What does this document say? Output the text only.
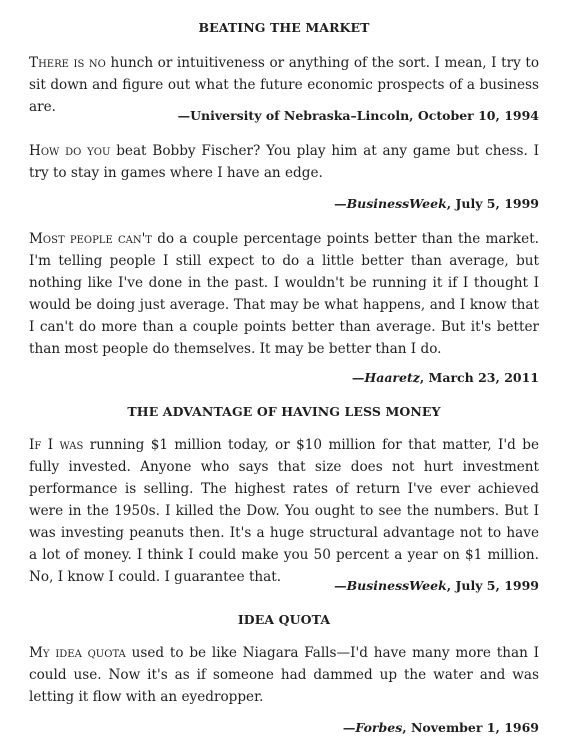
BEATING THE MARKET

There is no hunch or intuitiveness or anything of the sort. I mean, I try to sit down and figure out what the future economic prospects of a business are.

—University of Nebraska–Lincoln, October 10, 1994

How do you beat Bobby Fischer? You play him at any game but chess. I try to stay in games where I have an edge.

—BusinessWeek, July 5, 1999

Most people can't do a couple percentage points better than the market. I'm telling people I still expect to do a little better than average, but nothing like I've done in the past. I wouldn't be running it if I thought I would be doing just average. That may be what happens, and I know that I can't do more than a couple points better than average. But it's better than most people do themselves. It may be better than I do.

—Haaretz, March 23, 2011

THE ADVANTAGE OF HAVING LESS MONEY

If I was running $1 million today, or $10 million for that matter, I'd be fully invested. Anyone who says that size does not hurt investment performance is selling. The highest rates of return I've ever achieved were in the 1950s. I killed the Dow. You ought to see the numbers. But I was investing peanuts then. It's a huge structural advantage not to have a lot of money. I think I could make you 50 percent a year on $1 million. No, I know I could. I guarantee that.

—BusinessWeek, July 5, 1999

IDEA QUOTA

My idea quota used to be like Niagara Falls—I'd have many more than I could use. Now it's as if someone had dammed up the water and was letting it flow with an eyedropper.

—Forbes, November 1, 1969
